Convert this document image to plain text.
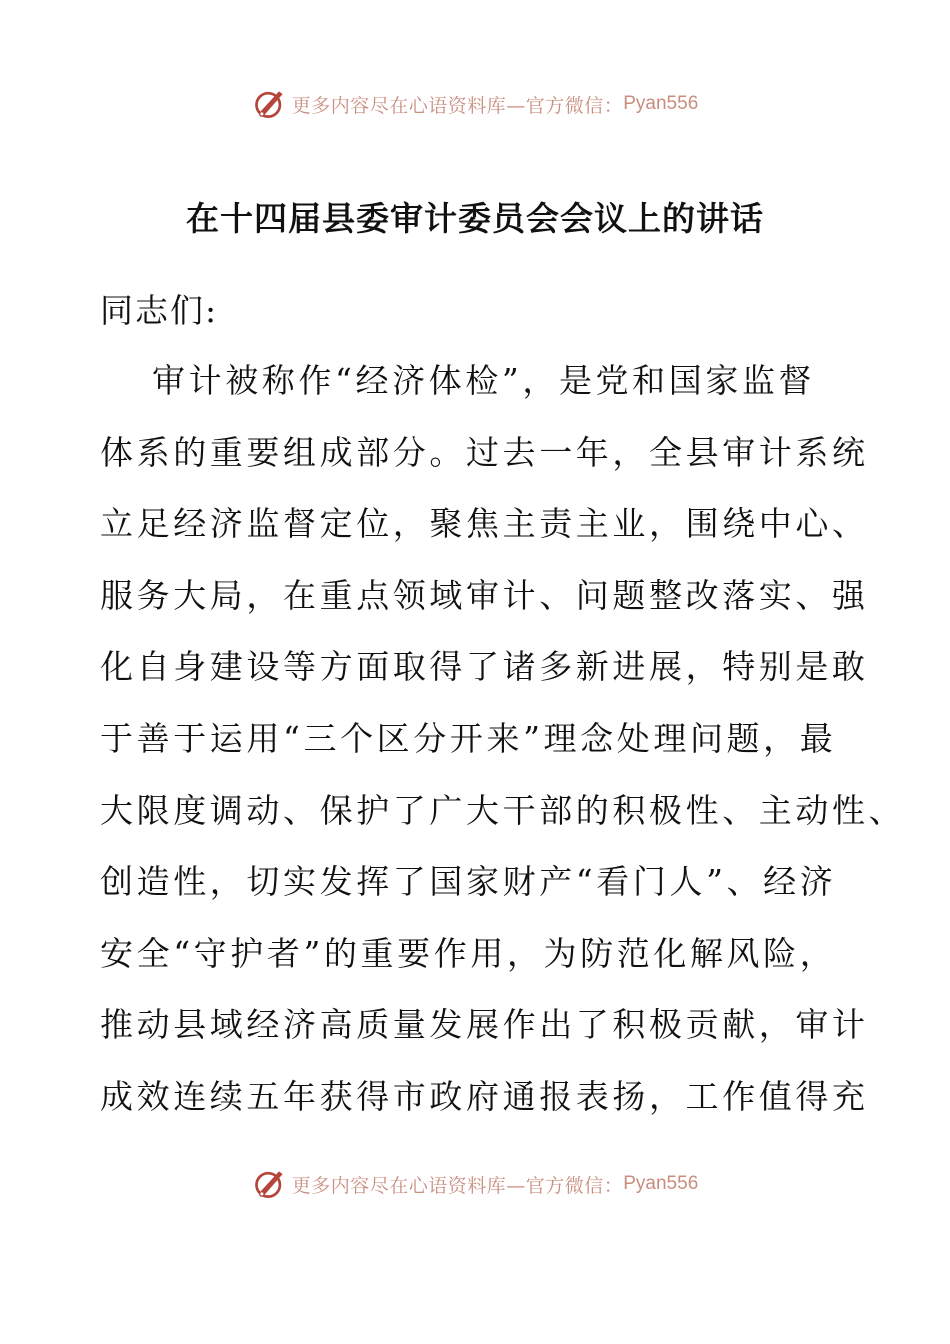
更多内容尽在心语资料库—官方微信： Pyan556
在十四届县委审计委员会会议上的讲话

同志们:

审计被称作“经济体检”，是党和国家监督
体系的重要组成部分。过去一年，全县审计系统
立足经济监督定位，聚焦主责主业，围绕中心、
服务大局，在重点领域审计、问题整改落实、强
化自身建设等方面取得了诸多新进展，特别是敢
于善于运用“三个区分开来”理念处理问题，最
大限度调动、保护了广大干部的积极性、主动性、
创造性，切实发挥了国家财产“看门人”、经济
安全“守护者”的重要作用，为防范化解风险，
推动县域经济高质量发展作出了积极贡献，审计
成效连续五年获得市政府通报表扬，工作值得充
更多内容尽在心语资料库—官方微信： Pyan556
